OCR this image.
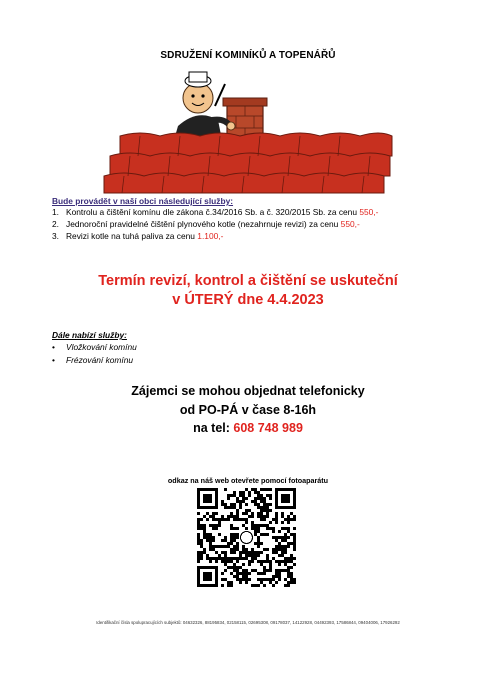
SDRUŽENÍ KOMINÍKŮ A TOPENÁŘŮ
Bude provádět v naší obci následující služby:
1. Kontrolu a čištění komínu dle zákona č.34/2016 Sb. a č. 320/2015 Sb. za cenu 550,-
2. Jednoroční pravidelné čištění plynového kotle (nezahrnuje revizi) za cenu 550,-
3. Revizi kotle na tuhá paliva za cenu 1.100,-
Termín revizí, kontrol a čištění se uskuteční
v ÚTERÝ dne 4.4.2023
Dále nabízí služby:
• Vložkování komínu
• Frézování komínu
Zájemci se mohou objednat telefonicky
od PO-PÁ v čase 8-16h
na tel: 608 748 989
odkaz na náš web otevřete pomocí fotoaparátu
Identifikační čísla spolupracujících subjektů: 04632326, 88195834, 02158115, 02695308, 09178037, 14122928, 04492393, 17586844, 09404006, 17926292
